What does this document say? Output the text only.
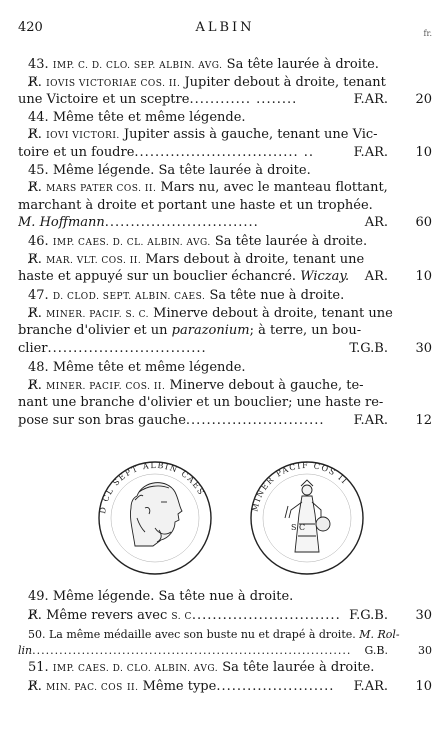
420	ALBIN	fr.
43. IMP. C. D. CLO. SEP. ALBIN. AVG. Sa tête laurée à droite.
R̸. IOVIS VICTORIAE COS. II. Jupiter debout à droite, tenant
une Victoire et un sceptre............ ........	F.AR. 20
44. Même tête et même légende.
R̸. IOVI VICTORI. Jupiter assis à gauche, tenant une Vic-
toire et un foudre................................ ..	F.AR. 10
45. Même légende. Sa tête laurée à droite.
R̸. MARS PATER COS. II. Mars nu, avec le manteau flottant,
marchant à droite et portant une haste et un trophée.
M. Hoffmann..............................	AR. 60
46. IMP. CAES. D. CL. ALBIN. AVG. Sa tête laurée à droite.
R̸. MAR. VLT. COS. II. Mars debout à droite, tenant une
haste et appuyé sur un bouclier échancré. Wiczay. AR. 10
47. D. CLOD. SEPT. ALBIN. CAES. Sa tête nue à droite.
R̸. MINER. PACIF. S. C. Minerve debout à droite, tenant une
branche d'olivier et un parazonium; à terre, un bou-
clier...............................	T.G.B. 30
48. Même tête et même légende.
R̸. MINER. PACIF. COS. II. Minerve debout à gauche, te-
nant une branche d'olivier et un bouclier; une haste re-
pose sur son bras gauche........................... F.AR. 12
D CL SEPT ALBIN CAES
MINER PACIF COS II
S C
49. Même légende. Sa tête nue à droite.
R̸. Même revers avec S. C............................. F.G.B. 30
50. La même médaille avec son buste nu et drapé à droite. M. Rol-
lin....................................................................... G.B.	30
51. IMP. CAES. D. CLO. ALBIN. AVG. Sa tête laurée à droite.
R̸. MIN. PAC. COS II. Même type....................... F.AR. 10
